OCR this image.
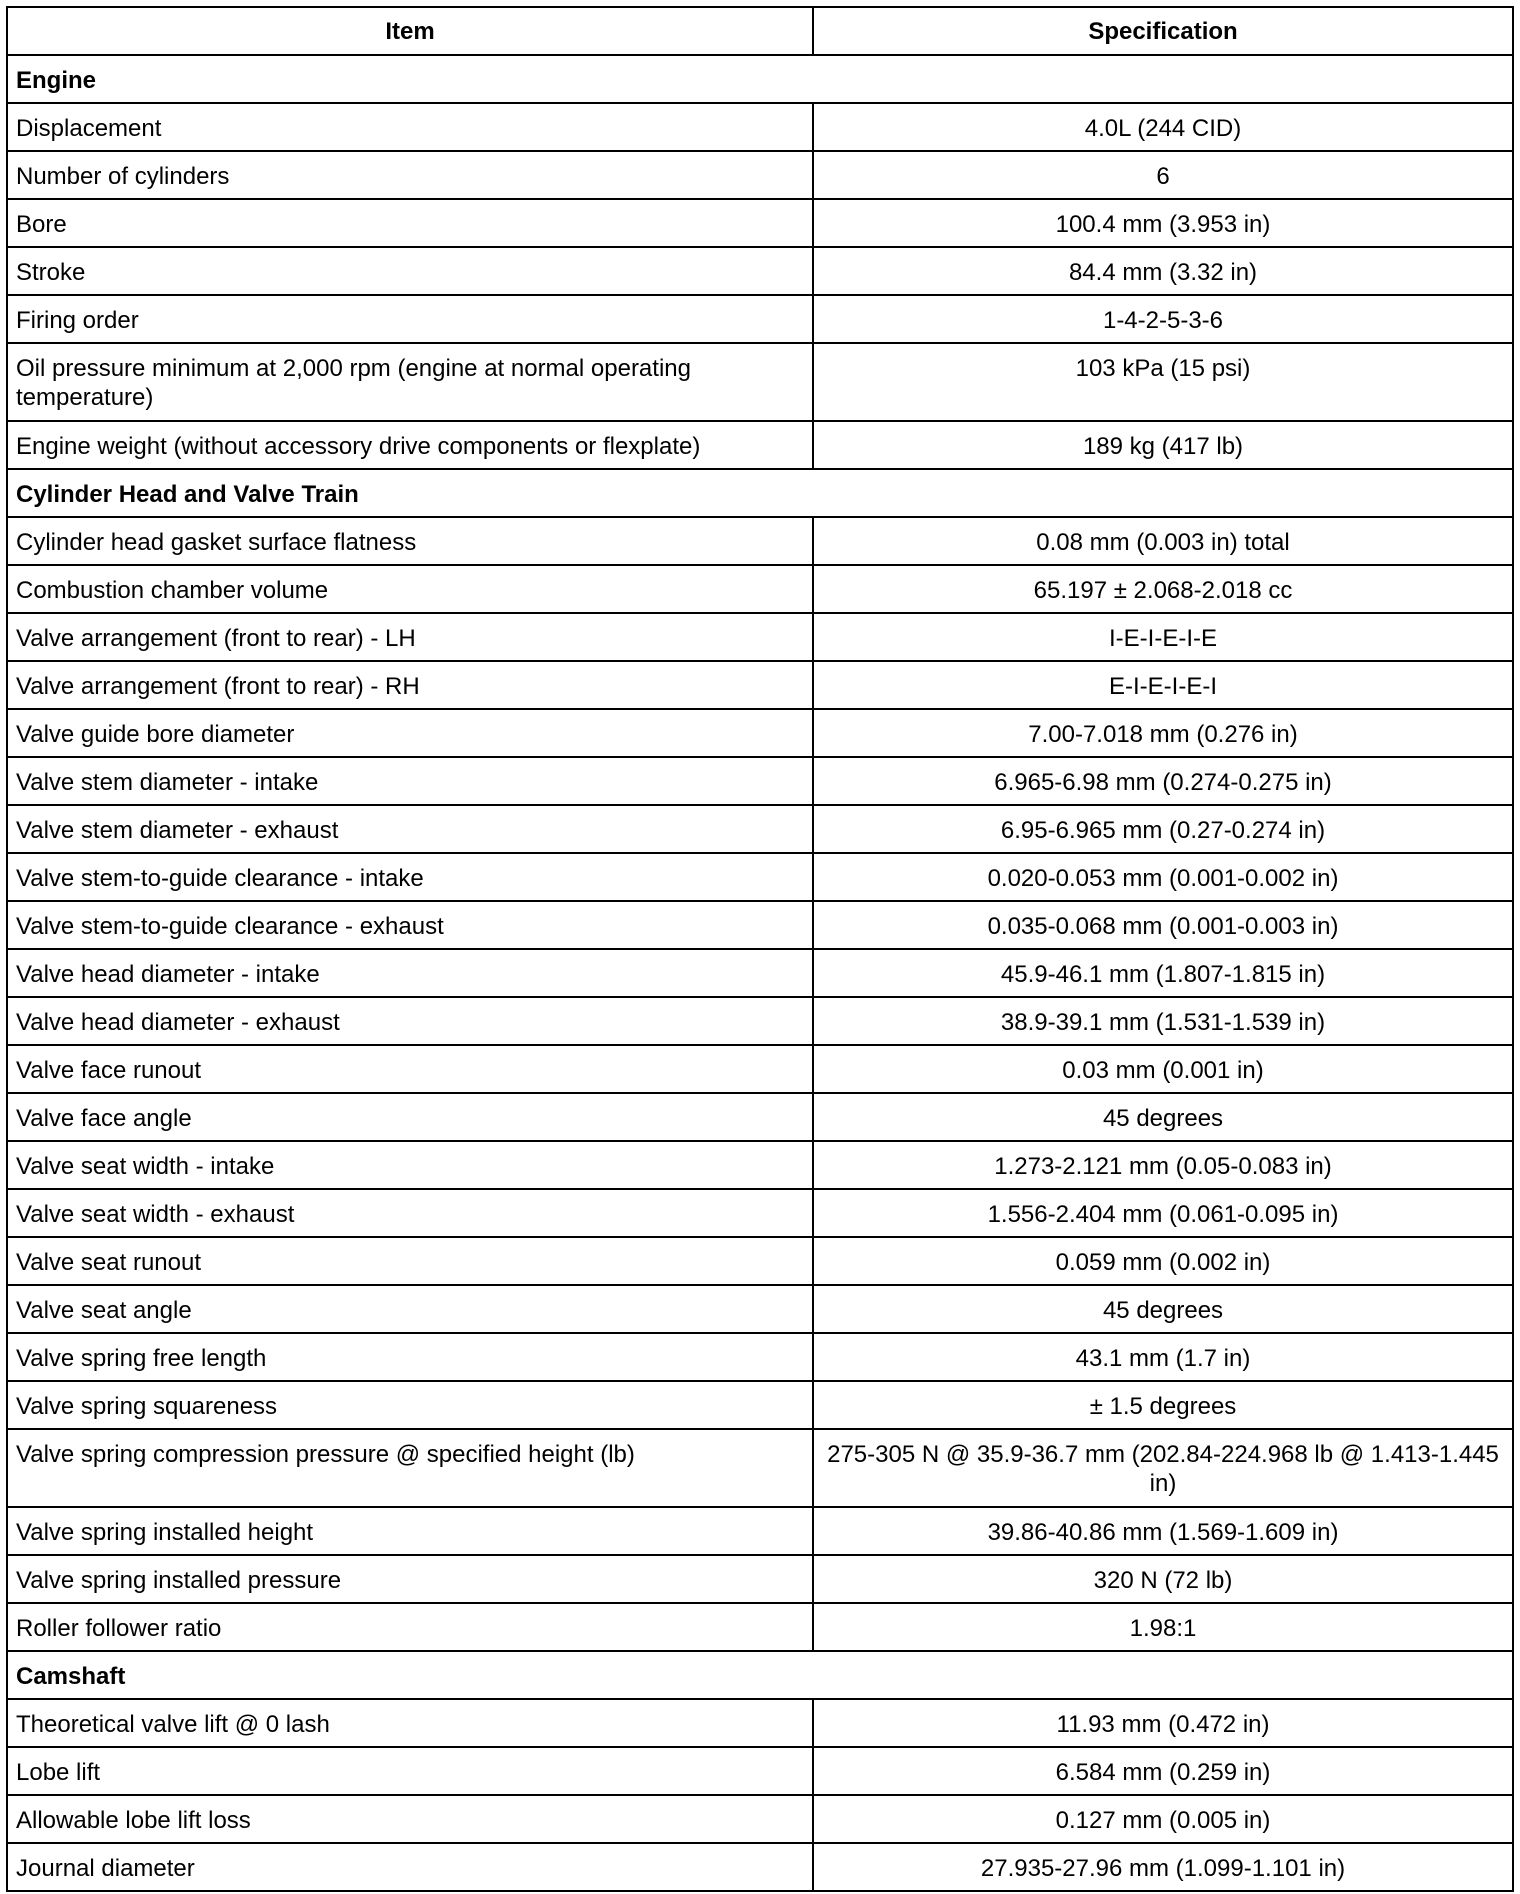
Item	Specification
Engine	
Displacement	4.0L (244 CID)
Number of cylinders	6
Bore	100.4 mm (3.953 in)
Stroke	84.4 mm (3.32 in)
Firing order	1-4-2-5-3-6
Oil pressure minimum at 2,000 rpm (engine at normal operating temperature)	103 kPa (15 psi)
Engine weight (without accessory drive components or flexplate)	189 kg (417 lb)
Cylinder Head and Valve Train	
Cylinder head gasket surface flatness	0.08 mm (0.003 in) total
Combustion chamber volume	65.197 ± 2.068-2.018 cc
Valve arrangement (front to rear) - LH	I-E-I-E-I-E
Valve arrangement (front to rear) - RH	E-I-E-I-E-I
Valve guide bore diameter	7.00-7.018 mm (0.276 in)
Valve stem diameter - intake	6.965-6.98 mm (0.274-0.275 in)
Valve stem diameter - exhaust	6.95-6.965 mm (0.27-0.274 in)
Valve stem-to-guide clearance - intake	0.020-0.053 mm (0.001-0.002 in)
Valve stem-to-guide clearance - exhaust	0.035-0.068 mm (0.001-0.003 in)
Valve head diameter - intake	45.9-46.1 mm (1.807-1.815 in)
Valve head diameter - exhaust	38.9-39.1 mm (1.531-1.539 in)
Valve face runout	0.03 mm (0.001 in)
Valve face angle	45 degrees
Valve seat width - intake	1.273-2.121 mm (0.05-0.083 in)
Valve seat width - exhaust	1.556-2.404 mm (0.061-0.095 in)
Valve seat runout	0.059 mm (0.002 in)
Valve seat angle	45 degrees
Valve spring free length	43.1 mm (1.7 in)
Valve spring squareness	± 1.5 degrees
Valve spring compression pressure @ specified height (lb)	275-305 N @ 35.9-36.7 mm (202.84-224.968 lb @ 1.413-1.445 in)
Valve spring installed height	39.86-40.86 mm (1.569-1.609 in)
Valve spring installed pressure	320 N (72 lb)
Roller follower ratio	1.98:1
Camshaft	
Theoretical valve lift @ 0 lash	11.93 mm (0.472 in)
Lobe lift	6.584 mm (0.259 in)
Allowable lobe lift loss	0.127 mm (0.005 in)
Journal diameter	27.935-27.96 mm (1.099-1.101 in)
